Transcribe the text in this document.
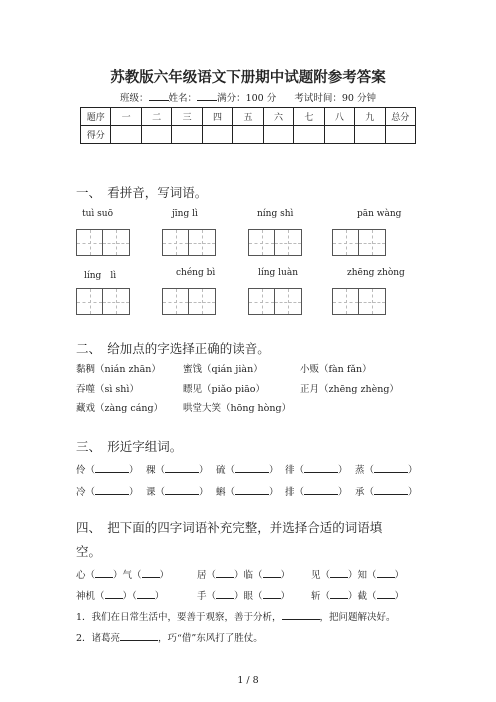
苏教版六年级语文下册期中试题附参考答案
班级： 姓名： 满分：100 分 考试时间：90 分钟
题序	一	二	三	四	五	六	七	八	九	总分
得分										
一、　看拼音，写词语。
tuì suō	jīng lì	níng shì	pān wàng
líng　lì	chéng bì	líng luàn	zhēng zhòng
二、　给加点的字选择正确的读音。
黏稠（nián zhān） 蜜饯（qián jiàn）	小贩（fàn fǎn）
吞噬（sì shì）	瞟见（piǎo piāo）	正月（zhēng zhèng）
藏戏（zàng cáng） 哄堂大笑（hōng hòng）
三、　形近字组词。
伶（	） 稞（	） 硫（	） 徘（	） 蒸（	）
冷（	） 课（	） 蝌（	） 排（	） 承（	）
四、　把下面的四字词语补充完整，并选择合适的词语填
空。
心（ ）气（ ）	居（ ）临（ ） 见（ ）知（ ）
神机（ ）（ ）	手（ ）眼（ ） 斩（ ）截（ ）
1．我们在日常生活中，要善于观察，善于分析，	，把问题解决好。
2．诸葛亮	，巧“借”东风打了胜仗。
1 / 8
